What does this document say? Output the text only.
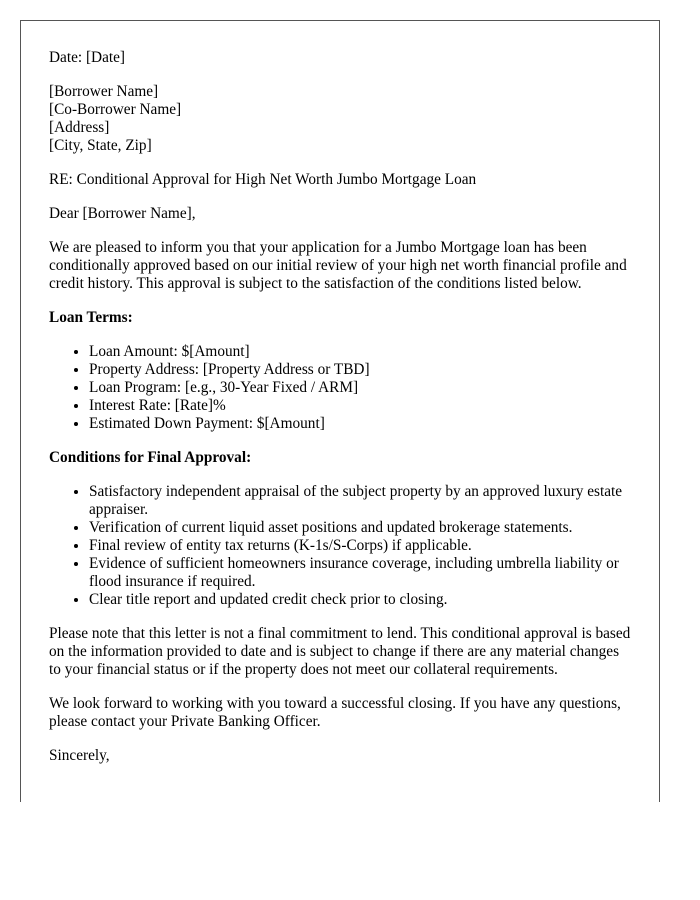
Date: [Date]

[Borrower Name]
[Co-Borrower Name]
[Address]
[City, State, Zip]

RE: Conditional Approval for High Net Worth Jumbo Mortgage Loan

Dear [Borrower Name],

We are pleased to inform you that your application for a Jumbo Mortgage loan has been conditionally approved based on our initial review of your high net worth financial profile and credit history. This approval is subject to the satisfaction of the conditions listed below.

Loan Terms:
• Loan Amount: $[Amount]
• Property Address: [Property Address or TBD]
• Loan Program: [e.g., 30-Year Fixed / ARM]
• Interest Rate: [Rate]%
• Estimated Down Payment: $[Amount]
Conditions for Final Approval:
• Satisfactory independent appraisal of the subject property by an approved luxury estate appraiser.
• Verification of current liquid asset positions and updated brokerage statements.
• Final review of entity tax returns (K-1s/S-Corps) if applicable.
• Evidence of sufficient homeowners insurance coverage, including umbrella liability or flood insurance if required.
• Clear title report and updated credit check prior to closing.

Please note that this letter is not a final commitment to lend. This conditional approval is based on the information provided to date and is subject to change if there are any material changes to your financial status or if the property does not meet our collateral requirements.

We look forward to working with you toward a successful closing. If you have any questions, please contact your Private Banking Officer.

Sincerely,
